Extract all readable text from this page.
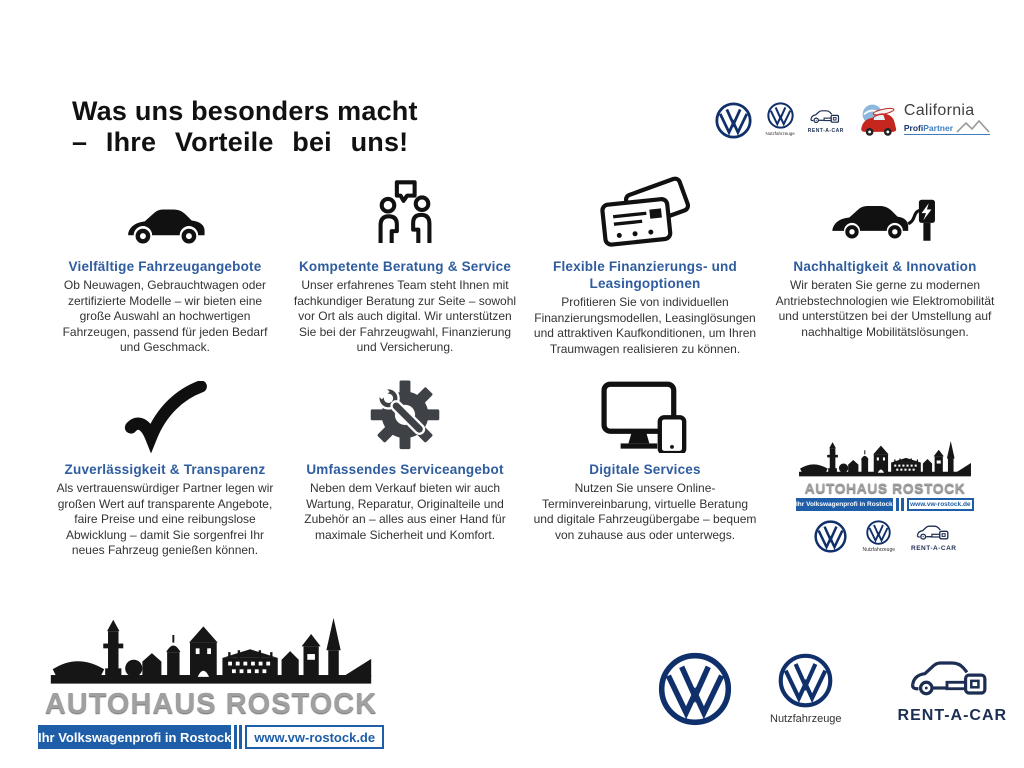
Was uns besonders macht
– Ihre Vorteile bei uns!	Nutzfahrzeuge	RENT-A-CAR
California
Profi Partner
Vielfältige Fahrzeugangebote
Ob Neuwagen, Gebrauchtwagen oder zertifizierte Modelle – wir bieten eine große Auswahl an hochwertigen Fahrzeugen, passend für jeden Bedarf und Geschmack.
Kompetente Beratung & Service
Unser erfahrenes Team steht Ihnen mit fachkundiger Beratung zur Seite – sowohl vor Ort als auch digital. Wir unterstützen Sie bei der Fahrzeugwahl, Finanzierung und Versicherung.
Flexible Finanzierungs- und Leasingoptionen
Profitieren Sie von individuellen Finanzierungsmodellen, Leasinglösungen und attraktiven Kaufkonditionen, um Ihren Traumwagen realisieren zu können.
Nachhaltigkeit & Innovation
Wir beraten Sie gerne zu modernen Antriebstechnologien wie Elektromobilität und unterstützen bei der Umstellung auf nachhaltige Mobilitätslösungen.
Zuverlässigkeit & Transparenz
Als vertrauenswürdiger Partner legen wir großen Wert auf transparente Angebote, faire Preise und eine reibungslose Abwicklung – damit Sie sorgenfrei Ihr neues Fahrzeug genießen können.
Umfassendes Serviceangebot
Neben dem Verkauf bieten wir auch Wartung, Reparatur, Originalteile und Zubehör an – alles aus einer Hand für maximale Sicherheit und Komfort.
Digitale Services
Nutzen Sie unsere Online-Terminvereinbarung, virtuelle Beratung und digitale Fahrzeugübergabe – bequem von zuhause aus oder unterwegs.
AUTOHAUS ROSTOCK
Ihr Volkswagenprofi in Rostock	www.vw-rostock.de
Nutzfahrzeuge RENT-A-CAR
AUTOHAUS ROSTOCK
Ihr Volkswagenprofi in Rostock	www.vw-rostock.de
Nutzfahrzeuge	RENT-A-CAR
